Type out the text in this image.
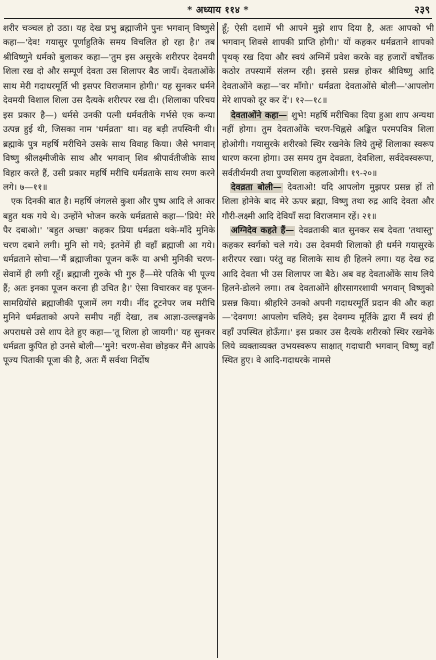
* अध्याय ११४ *	२३९

शरीर चञ्चल हो उठा। यह देख प्रभु ब्रह्माजीने पुनः भगवान् विष्णुसे कहा—'देव! गयासुर पूर्णाहुतिके समय विचलित हो रहा है।' तब श्रीविष्णुने धर्मको बुलाकर कहा—'तुम इस असुरके शरीरपर देवमयी शिला रख दो और सम्पूर्ण देवता उस शिलापर बैठ जायँ। देवताओंके साथ मेरी गदाधरमूर्ति भी इसपर विराजमान होगी।' यह सुनकर धर्मने देवमयी विशाल शिला उस दैत्यके शरीरपर रख दी। (शिलाका परिचय इस प्रकार है—) धर्मसे उनकी पत्नी धर्मवतीके गर्भसे एक कन्या उत्पन्न हुई थी, जिसका नाम 'धर्मव्रता' था। वह बड़ी तपस्विनी थी। ब्रह्माके पुत्र महर्षि मरीचिने उसके साथ विवाह किया। जैसे भगवान् विष्णु श्रीलक्ष्मीजीके साथ और भगवान् शिव श्रीपार्वतीजीके साथ विहार करते हैं, उसी प्रकार महर्षि मरीचि धर्मव्रताके साथ रमण करने लगे। ७—११॥

एक दिनकी बात है। महर्षि जंगलसे कुशा और पुष्प आदि ले आकर बहुत थक गये थे। उन्होंने भोजन करके धर्मव्रतासे कहा—'प्रिये! मेरे पैर दबाओ।' 'बहुत अच्छा' कहकर प्रिया धर्मव्रता थके-माँदे मुनिके चरण दबाने लगी। मुनि सो गये; इतनेमें ही वहाँ ब्रह्माजी आ गये। धर्मव्रताने सोचा—'मैं ब्रह्माजीका पूजन करूँ या अभी मुनिकी चरण-सेवामें ही लगी रहूँ। ब्रह्माजी गुरुके भी गुरु हैं—मेरे पतिके भी पूज्य हैं; अतः इनका पूजन करना ही उचित है।' ऐसा विचारकर वह पूजन-सामग्रियोंसे ब्रह्माजीकी पूजामें लग गयी। नींद टूटनेपर जब मरीचि मुनिने धर्मव्रताको अपने समीप नहीं देखा, तब आज्ञा-उल्लङ्घनके अपराधसे उसे शाप देते हुए कहा—'तू शिला हो जायगी।' यह सुनकर धर्मव्रता कुपित हो उनसे बोली—'मुने! चरण-सेवा छोड़कर मैंने आपके पूज्य पिताकी पूजा की है, अतः मैं सर्वथा निर्दोष

हूँ; ऐसी दशामें भी आपने मुझे शाप दिया है, अतः आपको भी भगवान् शिवसे शापकी प्राप्ति होगी।' यों कहकर धर्मव्रताने शापको पृथक् रख दिया और स्वयं अग्निमें प्रवेश करके वह हजारों वर्षोंतक कठोर तपस्यामें संलग्न रही। इससे प्रसन्न होकर श्रीविष्णु आदि देवताओंने कहा—'वर माँगो।' धर्मव्रता देवताओंसे बोली—'आपलोग मेरे शापको दूर कर दें'। १२—१८॥

देवताओंने कहा— शुभे! महर्षि मरीचिका दिया हुआ शाप अन्यथा नहीं होगा। तुम देवताओंके चरण-चिह्नसे अङ्कित परमपवित्र शिला होओगी। गयासुरके शरीरको स्थिर रखनेके लिये तुम्हें शिलाका स्वरूप धारण करना होगा। उस समय तुम देवव्रता, देवशिला, सर्वदेवस्वरूपा, सर्वतीर्थमयी तथा पुण्यशिला कहलाओगी। १९-२०॥

देवव्रता बोली— देवताओ! यदि आपलोग मुझपर प्रसन्न हों तो शिला होनेके बाद मेरे ऊपर ब्रह्मा, विष्णु तथा रुद्र आदि देवता और गौरी-लक्ष्मी आदि देवियाँ सदा विराजमान रहें। २१॥

अग्निदेव कहते हैं— देवव्रताकी बात सुनकर सब देवता 'तथास्तु' कहकर स्वर्गको चले गये। उस देवमयी शिलाको ही धर्मने गयासुरके शरीरपर रखा। परंतु वह शिलाके साथ ही हिलने लगा। यह देख रुद्र आदि देवता भी उस शिलापर जा बैठे। अब वह देवताओंके साथ लिये हिलने-डोलने लगा। तब देवताओंने क्षीरसागरशायी भगवान् विष्णुको प्रसन्न किया। श्रीहरिने उनको अपनी गदाधरमूर्ति प्रदान की और कहा—'देवगण! आपलोग चलिये; इस देवगम्य मूर्तिके द्वारा मैं स्वयं ही वहाँ उपस्थित होऊँगा।' इस प्रकार उस दैत्यके शरीरको स्थिर रखनेके लिये व्यक्ताव्यक्त उभयस्वरूप साक्षात् गदाधारी भगवान् विष्णु वहाँ स्थित हुए। वे आदि-गदाधरके नामसे
